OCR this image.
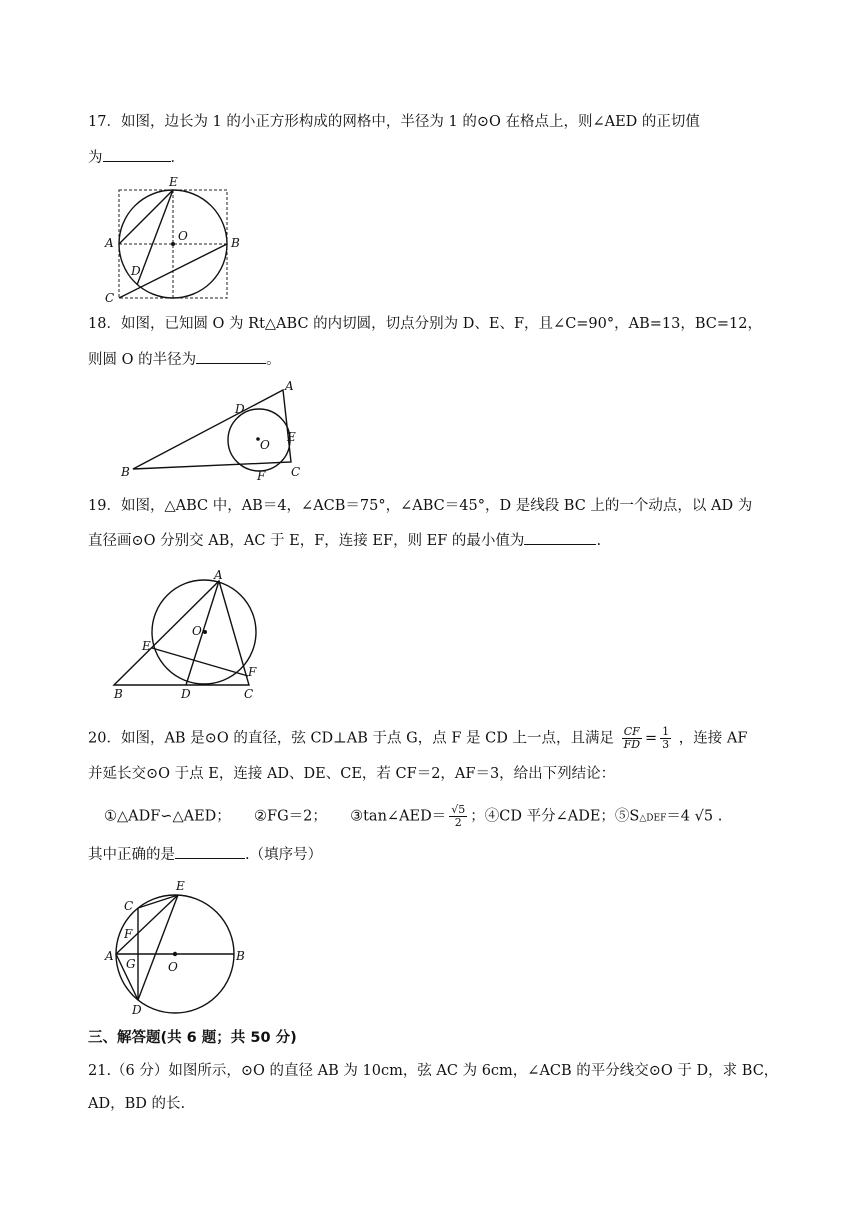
17．如图，边长为 1 的小正方形构成的网格中，半径为 1 的⊙O 在格点上，则∠AED 的正切值
为	．
E
O
A	B
D
C
18．如图，已知圆 O 为 Rt△ABC 的内切圆，切点分别为 D、E、F，且∠C=90°，AB=13，BC=12，
则圆 O 的半径为	。
A
D
O
E
B	F C
19．如图，△ABC 中，AB＝4，∠ACB＝75°，∠ABC＝45°，D 是线段 BC 上的一个动点，以 AD 为
直径画⊙O 分别交 AB，AC 于 E，F，连接 EF，则 EF 的最小值为	.
A
O
E
F
B	D	C
20．如图，AB 是⊙O 的直径，弦 CD⊥AB 于点 G，点 F 是 CD 上一点，且满足 $\frac{CF}{FD} = \frac{1}{3}$ ，连接 AF
并延长交⊙O 于点 E，连接 AD、DE、CE，若 CF＝2，AF＝3，给出下列结论：
①△ADF∽△AED； ②FG＝2； ③tan∠AED＝ $\frac{√5}{2}$ ；④CD 平分∠ADE；⑤S△DEF＝4 √5 .
其中正确的是	.（填序号）
E
C
F
A
G	O
B
D
三、解答题(共 6 题；共 50 分)
21.（6 分）如图所示，⊙O 的直径 AB 为 10cm，弦 AC 为 6cm，∠ACB 的平分线交⊙O 于 D，求 BC，
AD，BD 的长.
